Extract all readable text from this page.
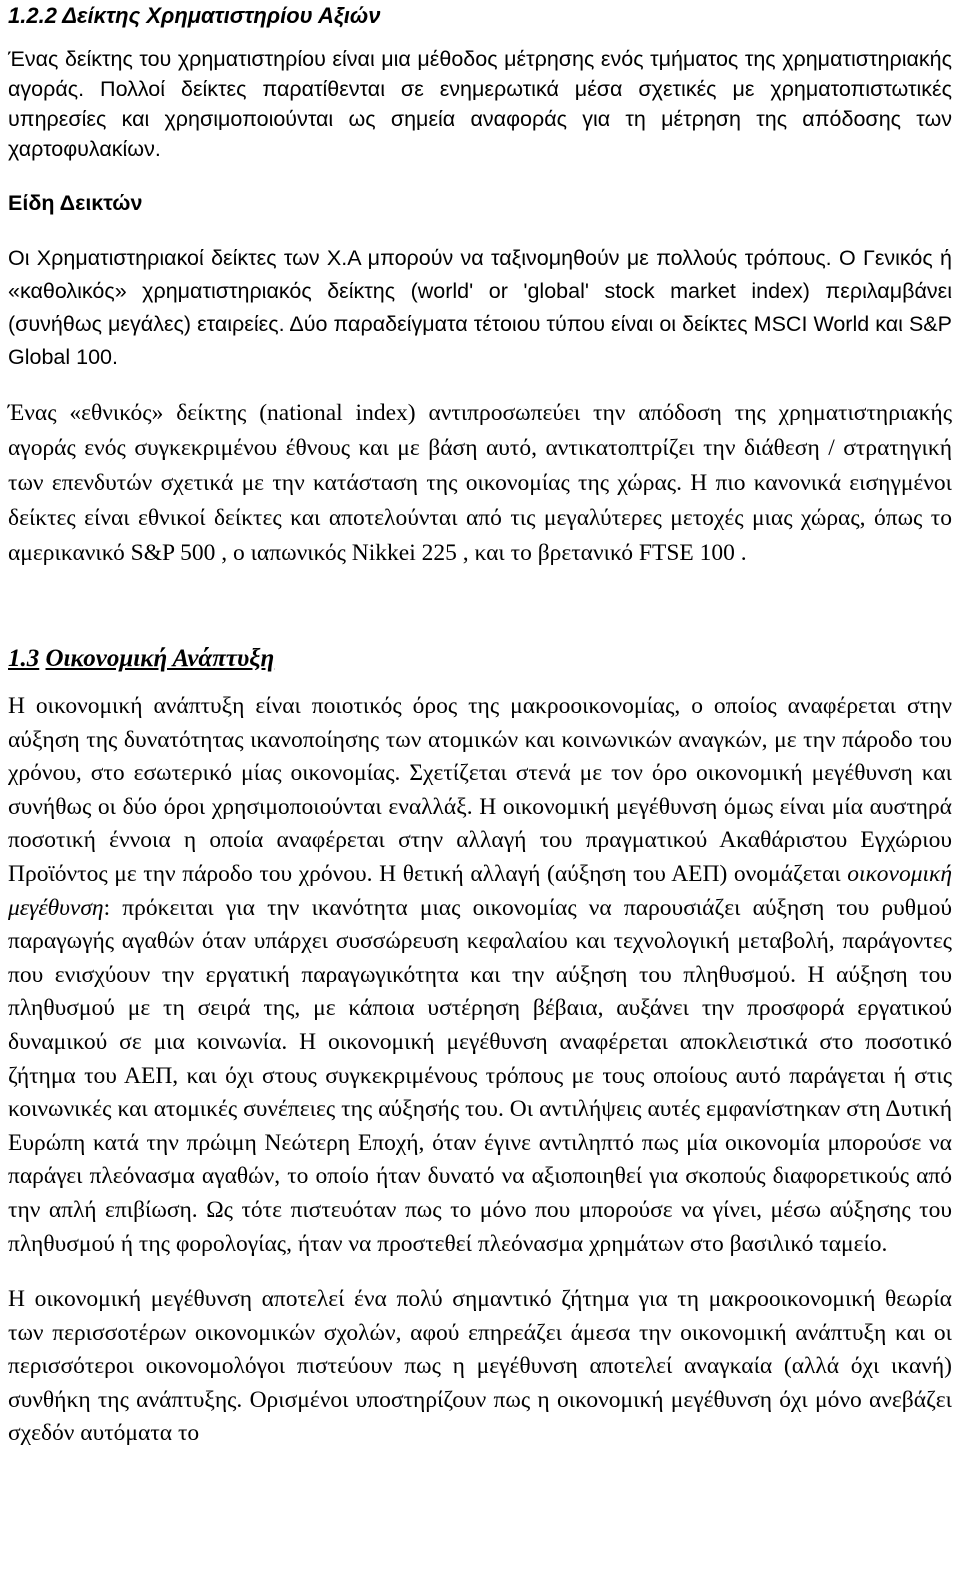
1.2.2 Δείκτης Χρηματιστηρίου Αξιών

Ένας δείκτης του χρηματιστηρίου είναι μια μέθοδος μέτρησης ενός τμήματος της χρηματιστηριακής αγοράς. Πολλοί δείκτες παρατίθενται σε ενημερωτικά μέσα σχετικές με χρηματοπιστωτικές υπηρεσίες και χρησιμοποιούνται ως σημεία αναφοράς για τη μέτρηση της απόδοσης των χαρτοφυλακίων.

Είδη Δεικτών

Οι Χρηματιστηριακοί δείκτες των Χ.Α μπορούν να ταξινομηθούν με πολλούς τρόπους. Ο Γενικός ή «καθολικός» χρηματιστηριακός δείκτης (world' or 'global' stock market index) περιλαμβάνει (συνήθως μεγάλες) εταιρείες. Δύο παραδείγματα τέτοιου τύπου είναι οι δείκτες MSCI World και S&P Global 100.

Ένας «εθνικός» δείκτης (national index) αντιπροσωπεύει την απόδοση της χρηματιστηριακής αγοράς ενός συγκεκριμένου έθνους και με βάση αυτό, αντικατοπτρίζει την διάθεση / στρατηγική των επενδυτών σχετικά με την κατάσταση της οικονομίας της χώρας. Η πιο κανονικά εισηγμένοι δείκτες είναι εθνικοί δείκτες και αποτελούνται από τις μεγαλύτερες μετοχές μιας χώρας, όπως το αμερικανικό S&P 500 , ο ιαπωνικός Nikkei 225 , και το βρετανικό FTSE 100 .

1.3 Οικονομική Ανάπτυξη

Η οικονομική ανάπτυξη είναι ποιοτικός όρος της μακροοικονομίας, ο οποίος αναφέρεται στην αύξηση της δυνατότητας ικανοποίησης των ατομικών και κοινωνικών αναγκών, με την πάροδο του χρόνου, στο εσωτερικό μίας οικονομίας. Σχετίζεται στενά με τον όρο οικονομική μεγέθυνση και συνήθως οι δύο όροι χρησιμοποιούνται εναλλάξ. Η οικονομική μεγέθυνση όμως είναι μία αυστηρά ποσοτική έννοια η οποία αναφέρεται στην αλλαγή του πραγματικού Ακαθάριστου Εγχώριου Προϊόντος με την πάροδο του χρόνου. Η θετική αλλαγή (αύξηση του ΑΕΠ) ονομάζεται οικονομική μεγέθυνση: πρόκειται για την ικανότητα μιας οικονομίας να παρουσιάζει αύξηση του ρυθμού παραγωγής αγαθών όταν υπάρχει συσσώρευση κεφαλαίου και τεχνολογική μεταβολή, παράγοντες που ενισχύουν την εργατική παραγωγικότητα και την αύξηση του πληθυσμού. Η αύξηση του πληθυσμού με τη σειρά της, με κάποια υστέρηση βέβαια, αυξάνει την προσφορά εργατικού δυναμικού σε μια κοινωνία. Η οικονομική μεγέθυνση αναφέρεται αποκλειστικά στο ποσοτικό ζήτημα του ΑΕΠ, και όχι στους συγκεκριμένους τρόπους με τους οποίους αυτό παράγεται ή στις κοινωνικές και ατομικές συνέπειες της αύξησής του. Οι αντιλήψεις αυτές εμφανίστηκαν στη Δυτική Ευρώπη κατά την πρώιμη Νεώτερη Εποχή, όταν έγινε αντιληπτό πως μία οικονομία μπορούσε να παράγει πλεόνασμα αγαθών, το οποίο ήταν δυνατό να αξιοποιηθεί για σκοπούς διαφορετικούς από την απλή επιβίωση. Ως τότε πιστευόταν πως το μόνο που μπορούσε να γίνει, μέσω αύξησης του πληθυσμού ή της φορολογίας, ήταν να προστεθεί πλεόνασμα χρημάτων στο βασιλικό ταμείο.

Η οικονομική μεγέθυνση αποτελεί ένα πολύ σημαντικό ζήτημα για τη μακροοικονομική θεωρία των περισσοτέρων οικονομικών σχολών, αφού επηρεάζει άμεσα την οικονομική ανάπτυξη και οι περισσότεροι οικονομολόγοι πιστεύουν πως η μεγέθυνση αποτελεί αναγκαία (αλλά όχι ικανή) συνθήκη της ανάπτυξης. Ορισμένοι υποστηρίζουν πως η οικονομική μεγέθυνση όχι μόνο ανεβάζει σχεδόν αυτόματα το
